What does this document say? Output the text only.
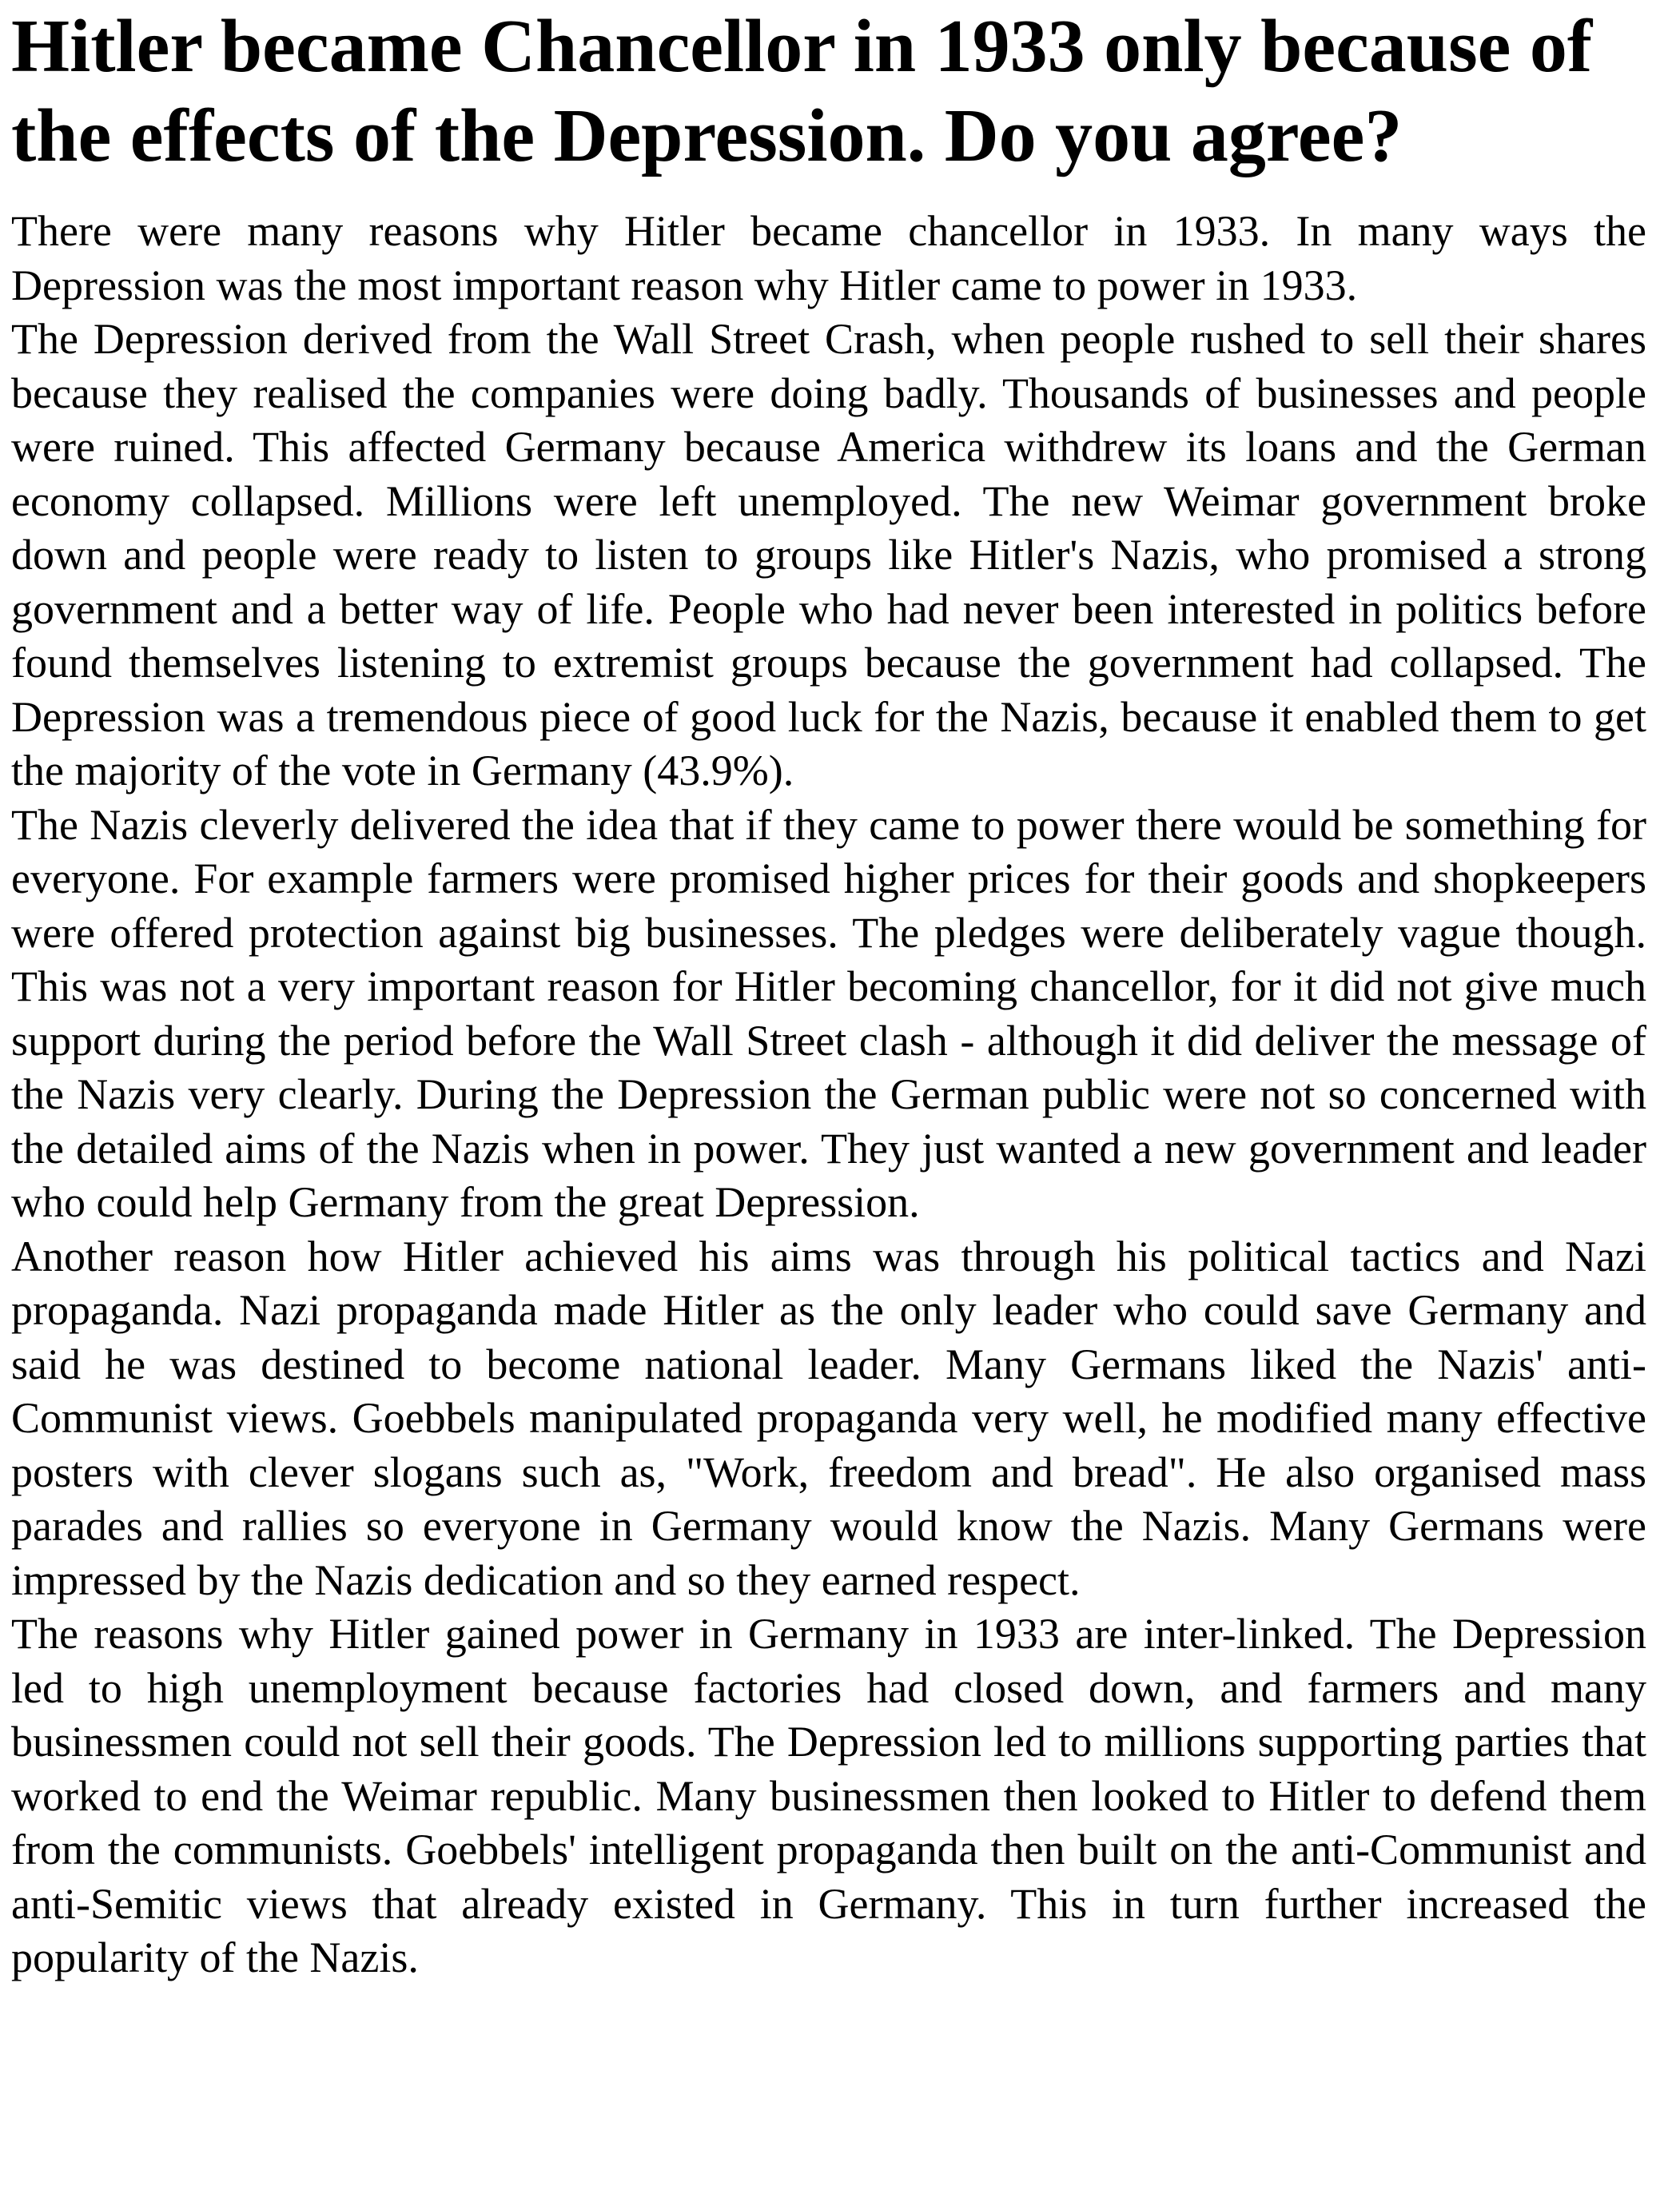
Hitler became Chancellor in 1933 only because of the effects of the Depression. Do you agree?

There were many reasons why Hitler became chancellor in 1933. In many ways the Depression was the most important reason why Hitler came to power in 1933.

The Depression derived from the Wall Street Crash, when people rushed to sell their shares because they realised the companies were doing badly. Thousands of businesses and people were ruined. This affected Germany because America withdrew its loans and the German economy collapsed. Millions were left unemployed. The new Weimar government broke down and people were ready to listen to groups like Hitler's Nazis, who promised a strong government and a better way of life. People who had never been interested in politics before found themselves listening to extremist groups because the government had collapsed. The Depression was a tremendous piece of good luck for the Nazis, because it enabled them to get the majority of the vote in Germany (43.9%).

The Nazis cleverly delivered the idea that if they came to power there would be something for everyone. For example farmers were promised higher prices for their goods and shopkeepers were offered protection against big businesses. The pledges were deliberately vague though. This was not a very important reason for Hitler becoming chancellor, for it did not give much support during the period before the Wall Street clash - although it did deliver the message of the Nazis very clearly. During the Depression the German public were not so concerned with the detailed aims of the Nazis when in power. They just wanted a new government and leader who could help Germany from the great Depression.

Another reason how Hitler achieved his aims was through his political tactics and Nazi propaganda. Nazi propaganda made Hitler as the only leader who could save Germany and said he was destined to become national leader. Many Germans liked the Nazis' anti-Communist views. Goebbels manipulated propaganda very well, he modified many effective posters with clever slogans such as, "Work, freedom and bread". He also organised mass parades and rallies so everyone in Germany would know the Nazis. Many Germans were impressed by the Nazis dedication and so they earned respect.

The reasons why Hitler gained power in Germany in 1933 are inter-linked. The Depression led to high unemployment because factories had closed down, and farmers and many businessmen could not sell their goods. The Depression led to millions supporting parties that worked to end the Weimar republic. Many businessmen then looked to Hitler to defend them from the communists. Goebbels' intelligent propaganda then built on the anti-Communist and anti-Semitic views that already existed in Germany. This in turn further increased the popularity of the Nazis.
